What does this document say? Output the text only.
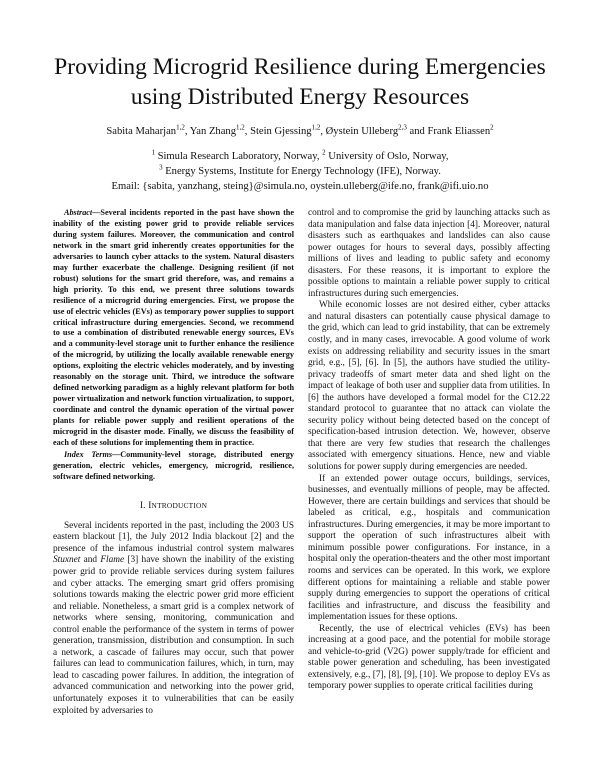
Providing Microgrid Resilience during Emergencies
using Distributed Energy Resources
Sabita Maharjan$^{1,2}$, Yan Zhang$^{1,2}$, Stein Gjessing$^{1,2}$, Øystein Ulleberg$^{2,3}$ and Frank Eliassen$^2$
$^1$ Simula Research Laboratory, Norway, $^2$ University of Oslo, Norway,
$^3$ Energy Systems, Institute for Energy Technology (IFE), Norway.
Email: {sabita, yanzhang, steing}@simula.no, oystein.ulleberg@ife.no, frank@ifi.uio.no

Abstract—Several incidents reported in the past have shown the inability of the existing power grid to provide reliable services during system failures. Moreover, the communication and control network in the smart grid inherently creates opportunities for the adversaries to launch cyber attacks to the system. Natural disasters may further exacerbate the challenge. Designing resilient (if not robust) solutions for the smart grid therefore, was, and remains a high priority. To this end, we present three solutions towards resilience of a microgrid during emergencies. First, we propose the use of electric vehicles (EVs) as temporary power supplies to support critical infrastructure during emergencies. Second, we recommend to use a combination of distributed renewable energy sources, EVs and a community-level storage unit to further enhance the resilience of the microgrid, by utilizing the locally available renewable energy options, exploiting the electric vehicles moderately, and by investing reasonably on the storage unit. Third, we introduce the software defined networking paradigm as a highly relevant platform for both power virtualization and network function virtualization, to support, coordinate and control the dynamic operation of the virtual power plants for reliable power supply and resilient operations of the microgrid in the disaster mode. Finally, we discuss the feasibility of each of these solutions for implementing them in practice.

Index Terms—Community-level storage, distributed energy generation, electric vehicles, emergency, microgrid, resilience, software defined networking.

I. INTRODUCTION

Several incidents reported in the past, including the 2003 US eastern blackout [1], the July 2012 India blackout [2] and the presence of the infamous industrial control system malwares Stuxnet and Flame [3] have shown the inability of the existing power grid to provide reliable services during system failures and cyber attacks. The emerging smart grid offers promising solutions towards making the electric power grid more efficient and reliable. Nonetheless, a smart grid is a complex network of networks where sensing, monitoring, communication and control enable the performance of the system in terms of power generation, transmission, distribution and consumption. In such a network, a cascade of failures may occur, such that power failures can lead to communication failures, which, in turn, may lead to cascading power failures. In addition, the integration of advanced communication and networking into the power grid, unfortunately exposes it to vulnerabilities that can be easily exploited by adversaries to

control and to compromise the grid by launching attacks such as data manipulation and false data injection [4]. Moreover, natural disasters such as earthquakes and landslides can also cause power outages for hours to several days, possibly affecting millions of lives and leading to public safety and economy disasters. For these reasons, it is important to explore the possible options to maintain a reliable power supply to critical infrastructures during such emergencies.

While economic losses are not desired either, cyber attacks and natural disasters can potentially cause physical damage to the grid, which can lead to grid instability, that can be extremely costly, and in many cases, irrevocable. A good volume of work exists on addressing reliability and security issues in the smart grid, e.g., [5], [6]. In [5], the authors have studied the utility-privacy tradeoffs of smart meter data and shed light on the impact of leakage of both user and supplier data from utilities. In [6] the authors have developed a formal model for the C12.22 standard protocol to guarantee that no attack can violate the security policy without being detected based on the concept of specification-based intrusion detection. We, however, observe that there are very few studies that research the challenges associated with emergency situations. Hence, new and viable solutions for power supply during emergencies are needed.

If an extended power outage occurs, buildings, services, businesses, and eventually millions of people, may be affected. However, there are certain buildings and services that should be labeled as critical, e.g., hospitals and communication infrastructures. During emergencies, it may be more important to support the operation of such infrastructures albeit with minimum possible power configurations. For instance, in a hospital only the operation-theaters and the other most important rooms and services can be operated. In this work, we explore different options for maintaining a reliable and stable power supply during emergencies to support the operations of critical facilities and infrastructure, and discuss the feasibility and implementation issues for these options.

Recently, the use of electrical vehicles (EVs) has been increasing at a good pace, and the potential for mobile storage and vehicle-to-grid (V2G) power supply/trade for efficient and stable power generation and scheduling, has been investigated extensively, e.g., [7], [8], [9], [10]. We propose to deploy EVs as temporary power supplies to operate critical facilities during
